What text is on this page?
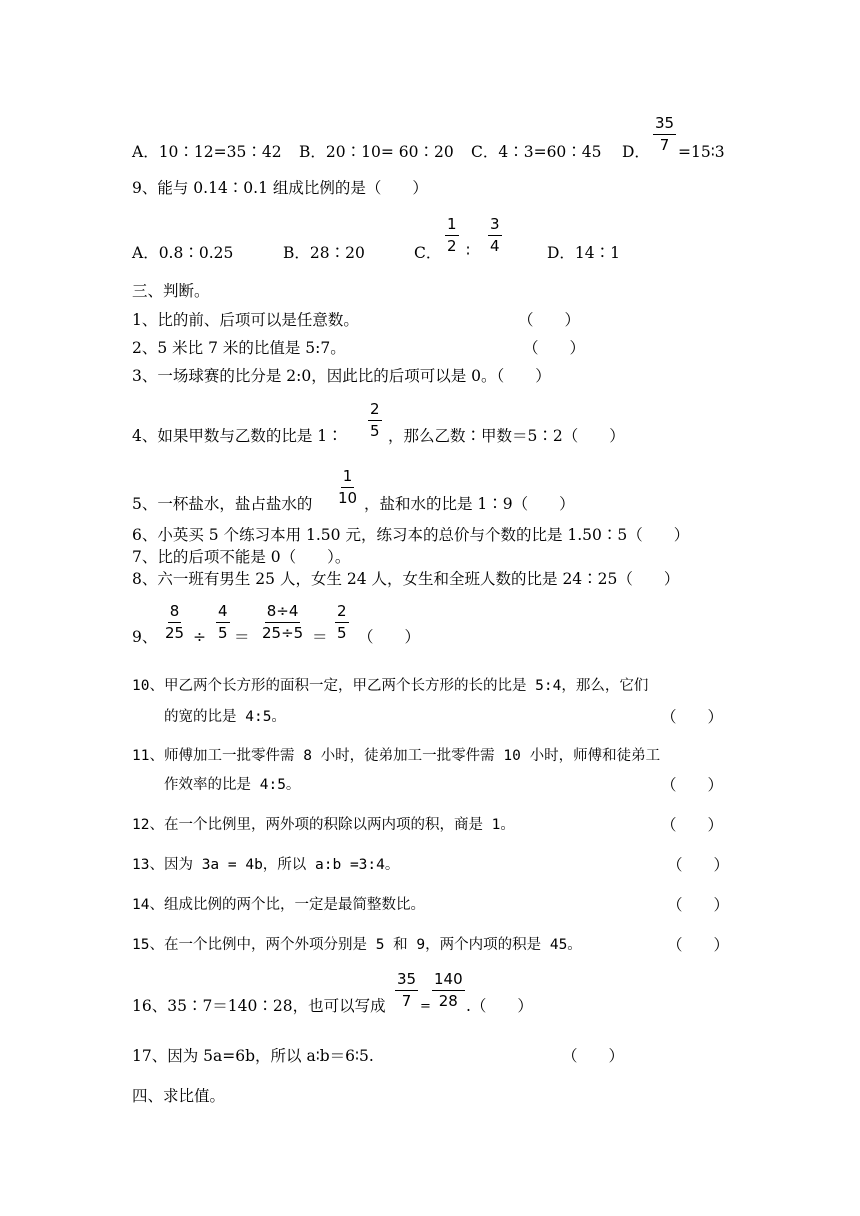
A．10∶12=35∶42 B．20∶10= 60∶20 C．4∶3=60∶45 D． $\frac{35}{7}$ =15∶3
9、能与 0.14∶0.1 组成比例的是（　　）
A．0.8∶0.25	B．28∶20	C． $\frac{1}{2}$ ∶ $\frac{3}{4}$	D．14∶1
三、判断。
1、比的前、后项可以是任意数。	（　　）
2、5 米比 7 米的比值是 5:7。	（　　）
3、一场球赛的比分是 2:0，因此比的后项可以是 0。（　　）
4、如果甲数与乙数的比是 1∶ $\frac{2}{5}$ ，那么乙数∶甲数＝5∶2（　　）
5、一杯盐水，盐占盐水的 $\frac{1}{10}$ ，盐和水的比是 1∶9（　　）
6、小英买 5 个练习本用 1.50 元，练习本的总价与个数的比是 1.50∶5（　　）
7、比的后项不能是 0（　　）。
8、六一班有男生 25 人，女生 24 人，女生和全班人数的比是 24∶25（　　）
9、 $\frac{8}{25} \div \frac{4}{5} = \frac{8\div 4}{25\div 5} = \frac{2}{5}$ （　　）
10、甲乙两个长方形的面积一定，甲乙两个长方形的长的比是 5:4，那么，它们
的宽的比是 4:5。	（　　）
11、师傅加工一批零件需 8 小时，徒弟加工一批零件需 10 小时，师傅和徒弟工
作效率的比是 4:5。	（　　）
12、在一个比例里，两外项的积除以两内项的积，商是 1。	（　　）
13、因为 3a = 4b，所以 a:b =3:4。	（　　）
14、组成比例的两个比，一定是最简整数比。	（　　）
15、在一个比例中，两个外项分别是 5 和 9，两个内项的积是 45。	（　　）
16、35∶7＝140∶28，也可以写成 $\frac{35}{7} = \frac{140}{28}$ .（　　）
17、因为 5a=6b，所以 a∶b＝6∶5.	（　　）
四、求比值。
